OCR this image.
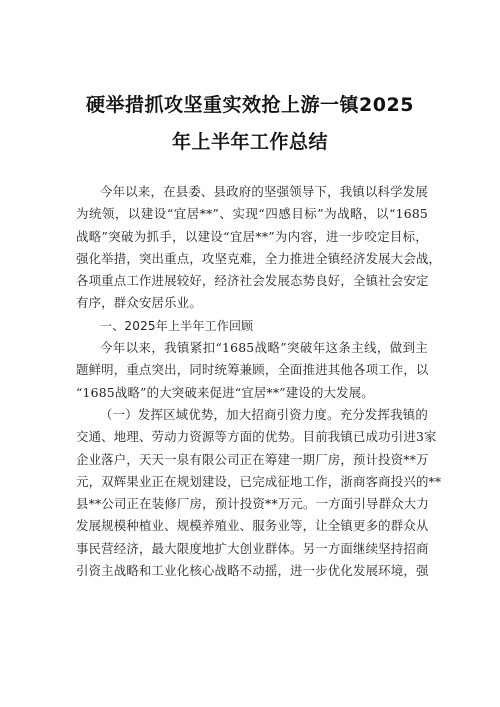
硬举措抓攻坚重实效抢上游一镇2025
年上半年工作总结
今年以来，在县委、县政府的坚强领导下，我镇以科学发展
为统领，以建设“宜居**”、实现“四感目标”为战略，以“1685
战略”突破为抓手，以建设“宜居**”为内容，进一步咬定目标，
强化举措，突出重点，攻坚克难，全力推进全镇经济发展大会战，
各项重点工作进展较好，经济社会发展态势良好，全镇社会安定
有序，群众安居乐业。
一、2025年上半年工作回顾
今年以来，我镇紧扣“1685战略”突破年这条主线，做到主
题鲜明，重点突出，同时统筹兼顾，全面推进其他各项工作，以
“1685战略”的大突破来促进“宜居**”建设的大发展。
（一）发挥区域优势，加大招商引资力度。充分发挥我镇的
交通、地理、劳动力资源等方面的优势。目前我镇已成功引进3家
企业落户，天天一泉有限公司正在筹建一期厂房，预计投资**万
元，双辉果业正在规划建设，已完成征地工作，浙商客商投兴的**
县**公司正在装修厂房，预计投资**万元。一方面引导群众大力
发展规模种植业、规模养殖业、服务业等，让全镇更多的群众从
事民营经济，最大限度地扩大创业群体。另一方面继续坚持招商
引资主战略和工业化核心战略不动摇，进一步优化发展环境，强
